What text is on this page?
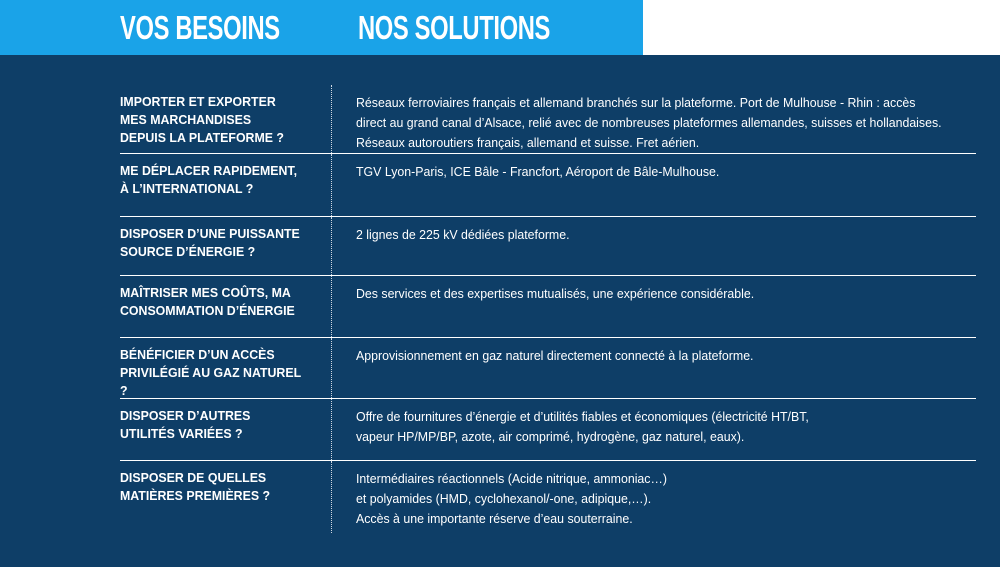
VOS BESOINS NOS SOLUTIONS
IMPORTER ET EXPORTER
MES MARCHANDISES
DEPUIS LA PLATEFORME ?
Réseaux ferroviaires français et allemand branchés sur la plateforme. Port de Mulhouse - Rhin : accès direct au grand canal d’Alsace, relié avec de nombreuses plateformes allemandes, suisses et hollandaises. Réseaux autoroutiers français, allemand et suisse. Fret aérien.
ME DÉPLACER RAPIDEMENT,
À L’INTERNATIONAL ?
TGV Lyon-Paris, ICE Bâle - Francfort, Aéroport de Bâle-Mulhouse.
DISPOSER D’UNE PUISSANTE
SOURCE D’ÉNERGIE ?
2 lignes de 225 kV dédiées plateforme.
MAÎTRISER MES COÛTS, MA
CONSOMMATION D’ÉNERGIE
Des services et des expertises mutualisés, une expérience considérable.
BÉNÉFICIER D’UN ACCÈS
PRIVILÉGIÉ AU GAZ NATUREL ?
Approvisionnement en gaz naturel directement connecté à la plateforme.
DISPOSER D’AUTRES
UTILITÉS VARIÉES ?
Offre de fournitures d’énergie et d’utilités fiables et économiques (électricité HT/BT,
vapeur HP/MP/BP, azote, air comprimé, hydrogène, gaz naturel, eaux).
DISPOSER DE QUELLES
MATIÈRES PREMIÈRES ?
Intermédiaires réactionnels (Acide nitrique, ammoniac…)
et polyamides (HMD, cyclohexanol/-one, adipique,…).
Accès à une importante réserve d’eau souterraine.
